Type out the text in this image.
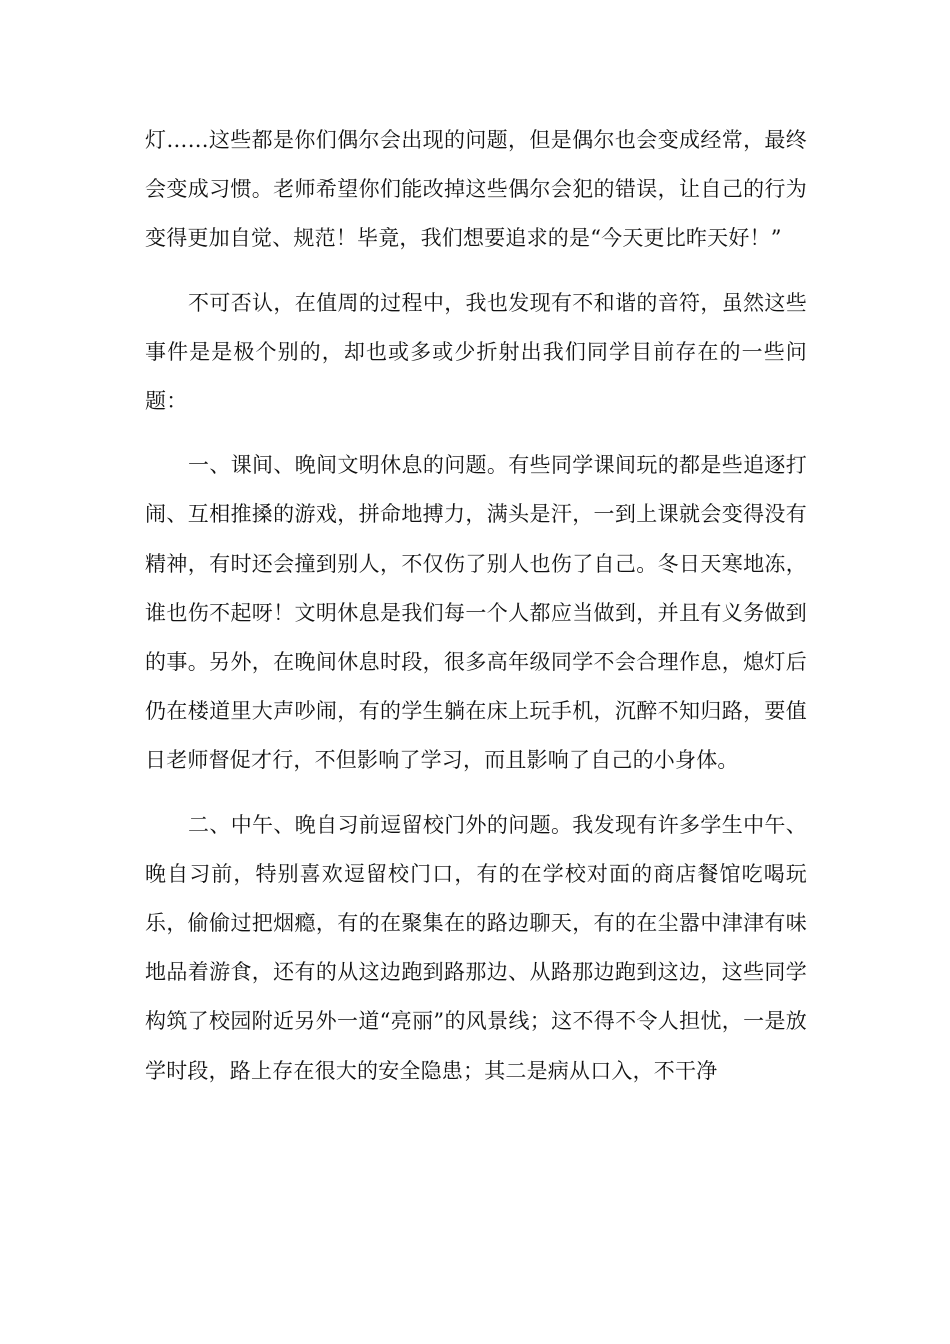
灯……这些都是你们偶尔会出现的问题，但是偶尔也会变成经常，最终会变成习惯。老师希望你们能改掉这些偶尔会犯的错误，让自己的行为变得更加自觉、规范！毕竟，我们想要追求的是“今天更比昨天好！”

不可否认，在值周的过程中，我也发现有不和谐的音符，虽然这些事件是是极个别的，却也或多或少折射出我们同学目前存在的一些问题：

一、课间、晚间文明休息的问题。有些同学课间玩的都是些追逐打闹、互相推搡的游戏，拼命地搏力，满头是汗，一到上课就会变得没有精神，有时还会撞到别人，不仅伤了别人也伤了自己。冬日天寒地冻，谁也伤不起呀！文明休息是我们每一个人都应当做到，并且有义务做到的事。另外，在晚间休息时段，很多高年级同学不会合理作息，熄灯后仍在楼道里大声吵闹，有的学生躺在床上玩手机，沉醉不知归路，要值日老师督促才行，不但影响了学习，而且影响了自己的小身体。

二、中午、晚自习前逗留校门外的问题。我发现有许多学生中午、晚自习前，特别喜欢逗留校门口，有的在学校对面的商店餐馆吃喝玩乐，偷偷过把烟瘾，有的在聚集在的路边聊天，有的在尘嚣中津津有味地品着游食，还有的从这边跑到路那边、从路那边跑到这边，这些同学构筑了校园附近另外一道“亮丽”的风景线；这不得不令人担忧，一是放学时段，路上存在很大的安全隐患；其二是病从口入，不干净
